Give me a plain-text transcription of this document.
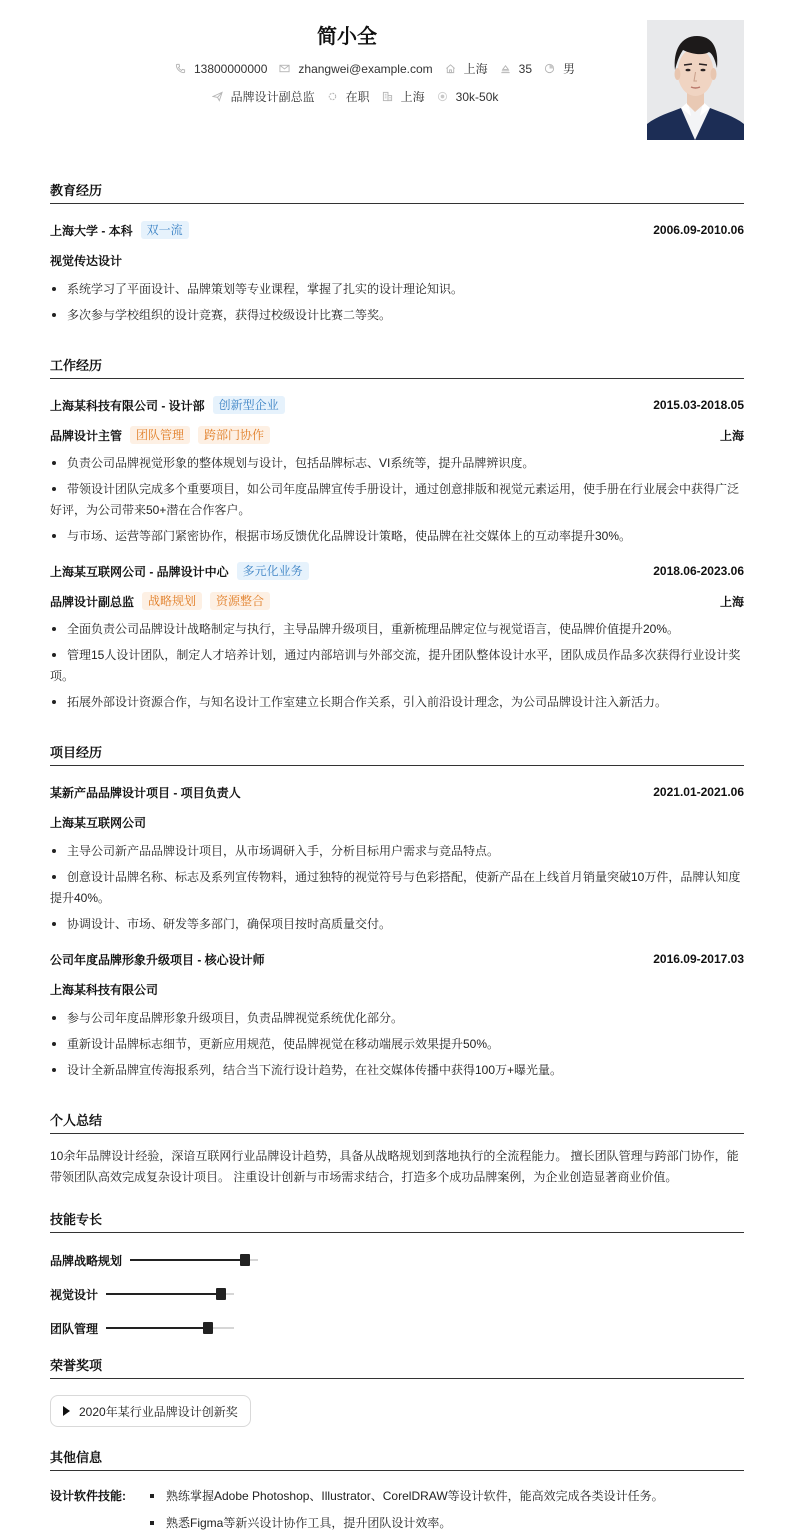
简小全
13800000000	zhangwei@example.com	上海	35	男
品牌设计副总监	在职	上海	30k-50k
教育经历
上海大学 - 本科	双一流	2006.09-2010.06
视觉传达设计
系统学习了平面设计、品牌策划等专业课程，掌握了扎实的设计理论知识。
多次参与学校组织的设计竞赛，获得过校级设计比赛二等奖。
工作经历
上海某科技有限公司 - 设计部	创新型企业	2015.03-2018.05
品牌设计主管	团队管理	跨部门协作	上海
负责公司品牌视觉形象的整体规划与设计，包括品牌标志、VI系统等，提升品牌辨识度。
带领设计团队完成多个重要项目，如公司年度品牌宣传手册设计，通过创意排版和视觉元素运用，使手册在行业展会中获得广泛好评，为公司带来50+潜在合作客户。
与市场、运营等部门紧密协作，根据市场反馈优化品牌设计策略，使品牌在社交媒体上的互动率提升30%。
上海某互联网公司 - 品牌设计中心	多元化业务	2018.06-2023.06
品牌设计副总监	战略规划	资源整合	上海
全面负责公司品牌设计战略制定与执行，主导品牌升级项目，重新梳理品牌定位与视觉语言，使品牌价值提升20%。
管理15人设计团队，制定人才培养计划，通过内部培训与外部交流，提升团队整体设计水平，团队成员作品多次获得行业设计奖项。
拓展外部设计资源合作，与知名设计工作室建立长期合作关系，引入前沿设计理念，为公司品牌设计注入新活力。
项目经历
某新产品品牌设计项目 - 项目负责人	2021.01-2021.06
上海某互联网公司
主导公司新产品品牌设计项目，从市场调研入手，分析目标用户需求与竞品特点。
创意设计品牌名称、标志及系列宣传物料，通过独特的视觉符号与色彩搭配，使新产品在上线首月销量突破10万件，品牌认知度提升40%。
协调设计、市场、研发等多部门，确保项目按时高质量交付。
公司年度品牌形象升级项目 - 核心设计师	2016.09-2017.03
上海某科技有限公司
参与公司年度品牌形象升级项目，负责品牌视觉系统优化部分。
重新设计品牌标志细节，更新应用规范，使品牌视觉在移动端展示效果提升50%。
设计全新品牌宣传海报系列，结合当下流行设计趋势，在社交媒体传播中获得100万+曝光量。
个人总结
10余年品牌设计经验，深谙互联网行业品牌设计趋势，具备从战略规划到落地执行的全流程能力。 擅长团队管理与跨部门协作，能带领团队高效完成复杂设计项目。 注重设计创新与市场需求结合，打造多个成功品牌案例，为企业创造显著商业价值。
技能专长
品牌战略规划
视觉设计
团队管理
荣誉奖项
2020年某行业品牌设计创新奖
其他信息
设计软件技能:	熟练掌握Adobe Photoshop、Illustrator、CorelDRAW等设计软件，能高效完成各类设计任务。
熟悉Figma等新兴设计协作工具，提升团队设计效率。
